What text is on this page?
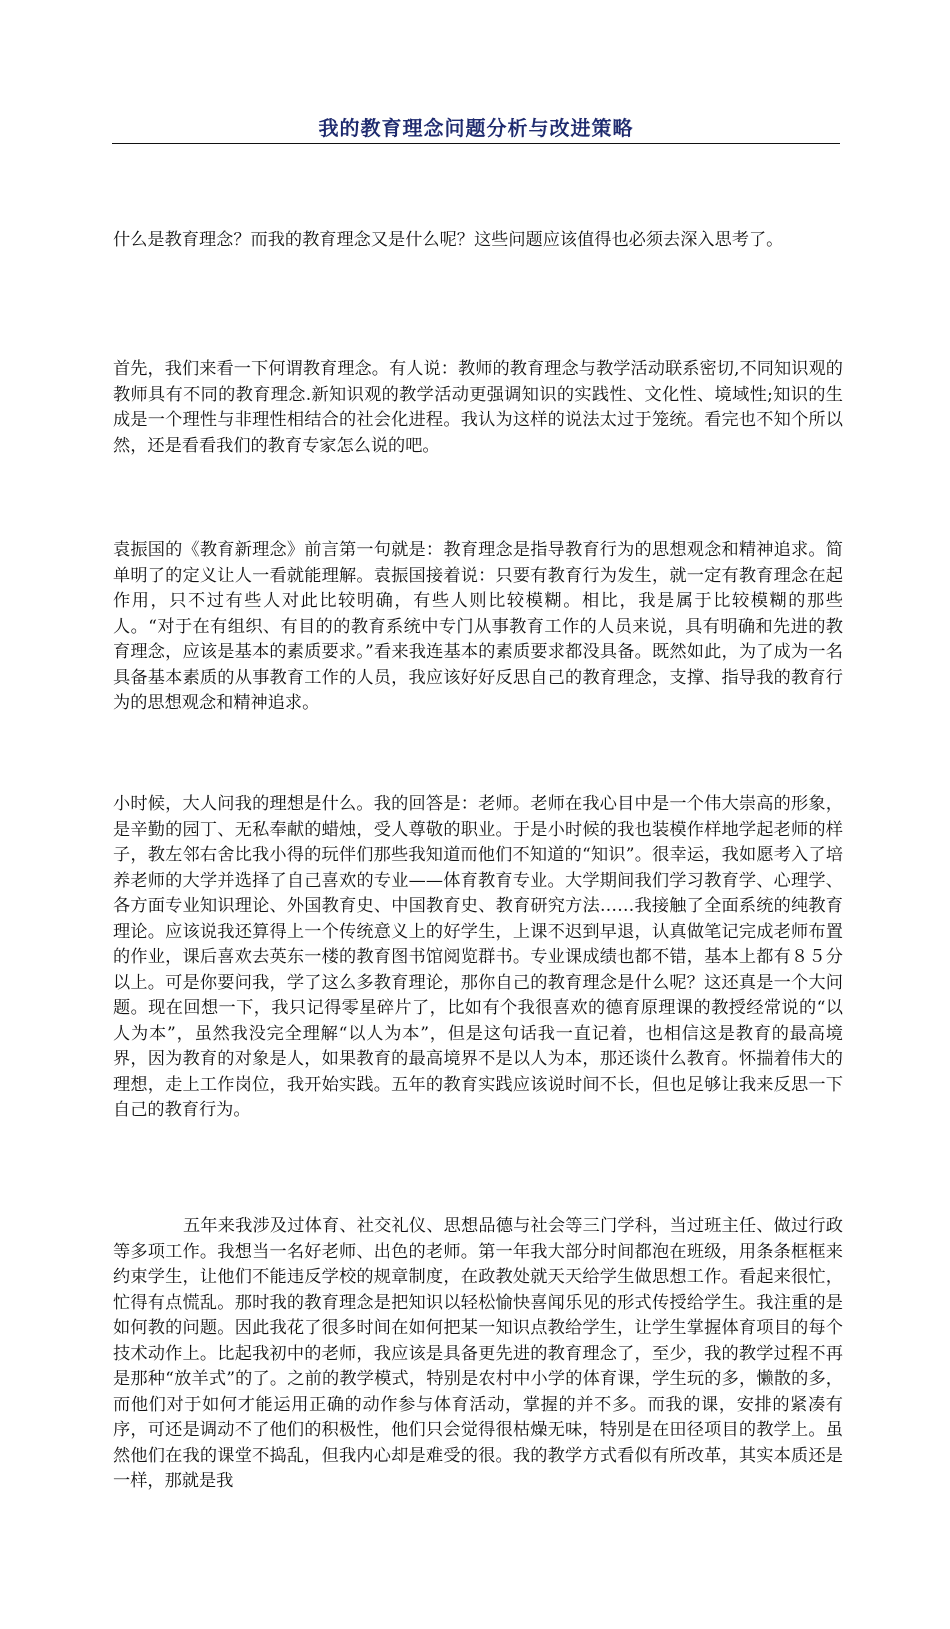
我的教育理念问题分析与改进策略

什么是教育理念？而我的教育理念又是什么呢？这些问题应该值得也必须去深入思考了。

首先，我们来看一下何谓教育理念。有人说：教师的教育理念与教学活动联系密切,不同知识观的教师具有不同的教育理念.新知识观的教学活动更强调知识的实践性、文化性、境域性;知识的生成是一个理性与非理性相结合的社会化进程。我认为这样的说法太过于笼统。看完也不知个所以然，还是看看我们的教育专家怎么说的吧。

袁振国的《教育新理念》前言第一句就是：教育理念是指导教育行为的思想观念和精神追求。简单明了的定义让人一看就能理解。袁振国接着说：只要有教育行为发生，就一定有教育理念在起作用，只不过有些人对此比较明确，有些人则比较模糊。相比，我是属于比较模糊的那些人。“对于在有组织、有目的的教育系统中专门从事教育工作的人员来说，具有明确和先进的教育理念，应该是基本的素质要求。”看来我连基本的素质要求都没具备。既然如此，为了成为一名具备基本素质的从事教育工作的人员，我应该好好反思自己的教育理念，支撑、指导我的教育行为的思想观念和精神追求。

小时候，大人问我的理想是什么。我的回答是：老师。老师在我心目中是一个伟大崇高的形象，是辛勤的园丁、无私奉献的蜡烛，受人尊敬的职业。于是小时候的我也装模作样地学起老师的样子，教左邻右舍比我小得的玩伴们那些我知道而他们不知道的“知识”。很幸运，我如愿考入了培养老师的大学并选择了自己喜欢的专业——体育教育专业。大学期间我们学习教育学、心理学、各方面专业知识理论、外国教育史、中国教育史、教育研究方法……我接触了全面系统的纯教育理论。应该说我还算得上一个传统意义上的好学生，上课不迟到早退，认真做笔记完成老师布置的作业，课后喜欢去英东一楼的教育图书馆阅览群书。专业课成绩也都不错，基本上都有８５分以上。可是你要问我，学了这么多教育理论，那你自己的教育理念是什么呢？这还真是一个大问题。现在回想一下，我只记得零星碎片了，比如有个我很喜欢的德育原理课的教授经常说的“以人为本”，虽然我没完全理解“以人为本”，但是这句话我一直记着，也相信这是教育的最高境界，因为教育的对象是人，如果教育的最高境界不是以人为本，那还谈什么教育。怀揣着伟大的理想，走上工作岗位，我开始实践。五年的教育实践应该说时间不长，但也足够让我来反思一下自己的教育行为。

五年来我涉及过体育、社交礼仪、思想品德与社会等三门学科，当过班主任、做过行政等多项工作。我想当一名好老师、出色的老师。第一年我大部分时间都泡在班级，用条条框框来约束学生，让他们不能违反学校的规章制度，在政教处就天天给学生做思想工作。看起来很忙，忙得有点慌乱。那时我的教育理念是把知识以轻松愉快喜闻乐见的形式传授给学生。我注重的是如何教的问题。因此我花了很多时间在如何把某一知识点教给学生，让学生掌握体育项目的每个技术动作上。比起我初中的老师，我应该是具备更先进的教育理念了，至少，我的教学过程不再是那种“放羊式”的了。之前的教学模式，特别是农村中小学的体育课，学生玩的多，懒散的多，而他们对于如何才能运用正确的动作参与体育活动，掌握的并不多。而我的课，安排的紧凑有序，可还是调动不了他们的积极性，他们只会觉得很枯燥无味，特别是在田径项目的教学上。虽然他们在我的课堂不捣乱，但我内心却是难受的很。我的教学方式看似有所改革，其实本质还是一样，那就是我
